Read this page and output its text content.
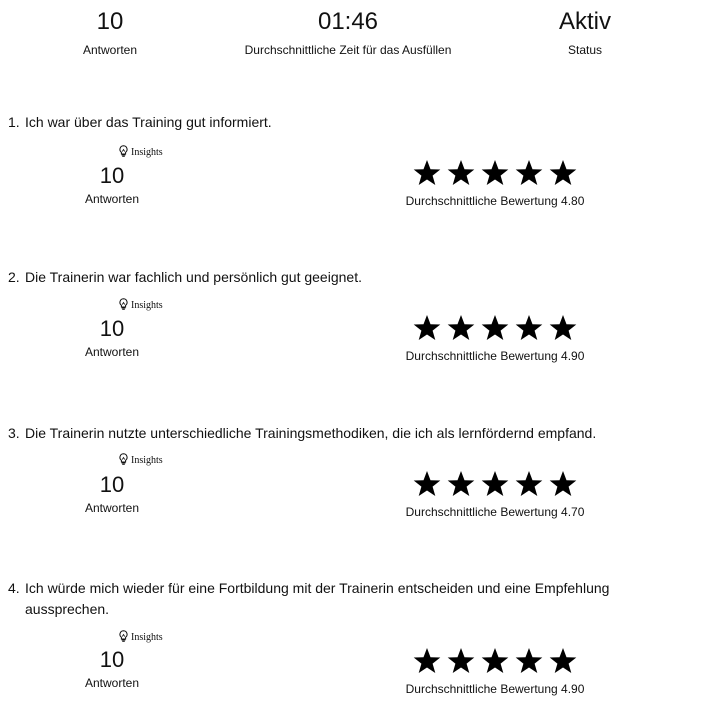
10
Antworten
01:46
Durchschnittliche Zeit für das Ausfüllen
Aktiv
Status
1. Ich war über das Training gut informiert.
Insights
10
Antworten	Durchschnittliche Bewertung 4.80
2. Die Trainerin war fachlich und persönlich gut geeignet.
Insights
10
Antworten	Durchschnittliche Bewertung 4.90
3. Die Trainerin nutzte unterschiedliche Trainingsmethodiken, die ich als lernfördernd empfand.
Insights
10
Antworten	Durchschnittliche Bewertung 4.70
4. Ich würde mich wieder für eine Fortbildung mit der Trainerin entscheiden und eine Empfehlung
aussprechen.
Insights
10
Antworten	Durchschnittliche Bewertung 4.90
